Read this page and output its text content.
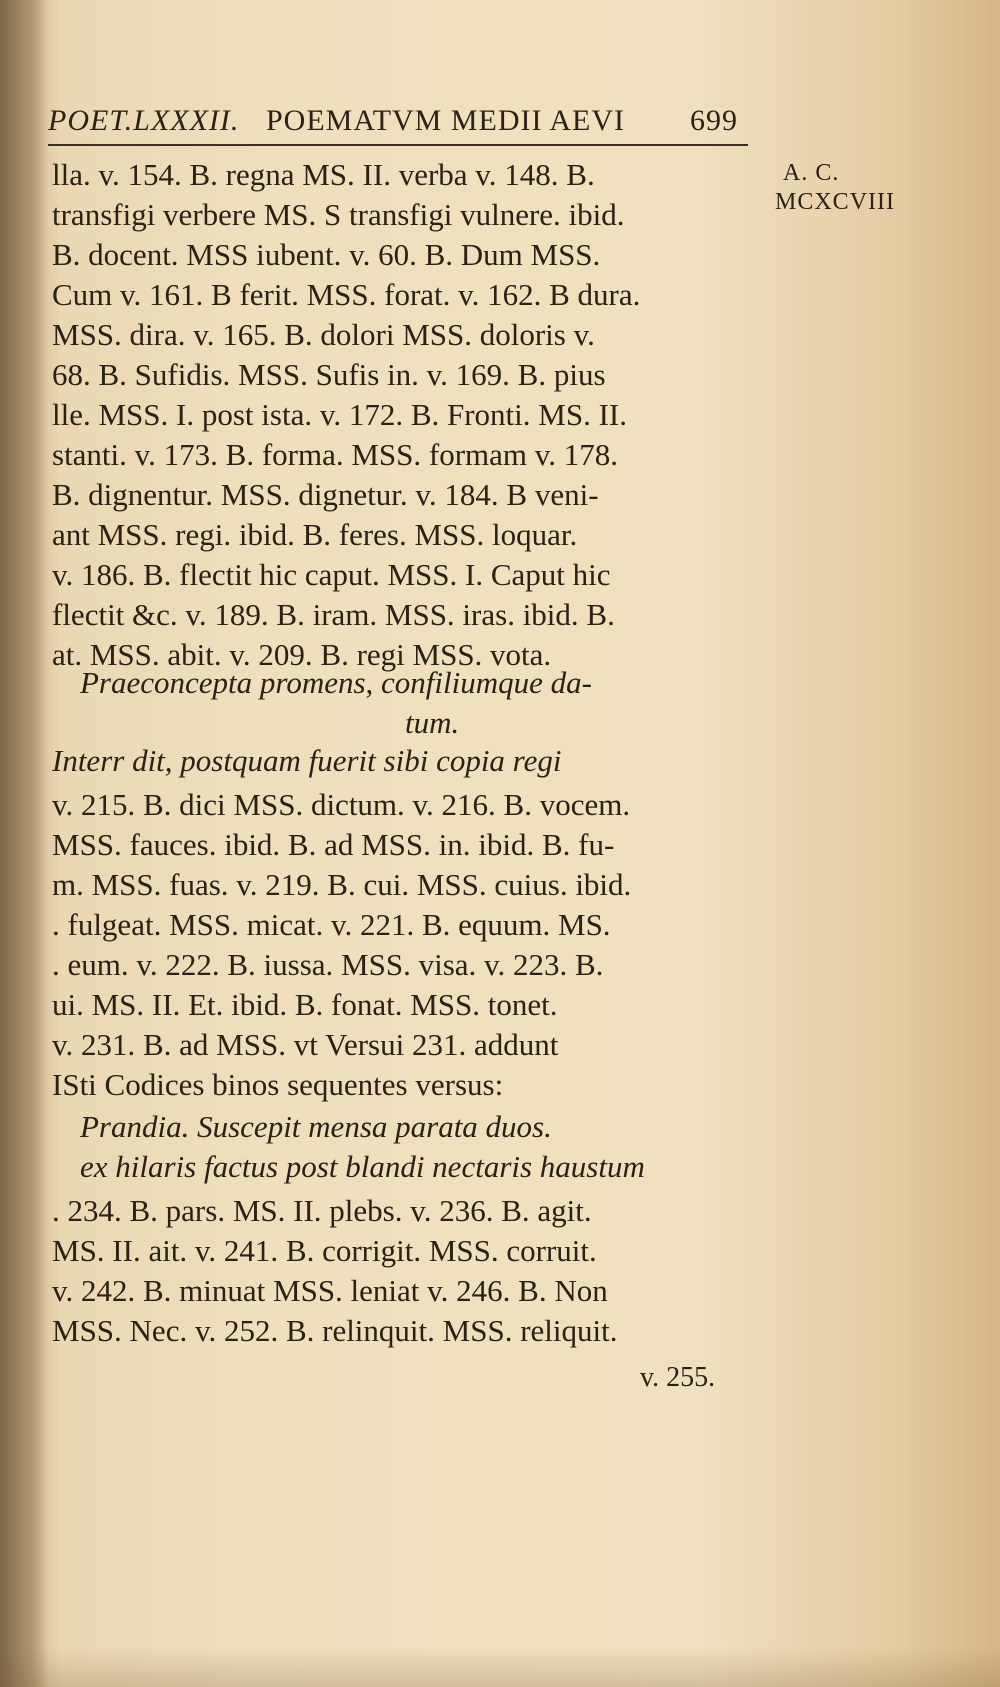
POET.LXXXII. POEMATVM MEDII AEVI 699
A. C.
MCXCVIII
lla. v. 154. B. regna MS. II. verba v. 148. B.
transfigi verbere MS. S transfigi vulnere. ibid.
B. docent. MSS iubent. v. 60. B. Dum MSS.
Cum v. 161. B ferit. MSS. forat. v. 162. B dura.
MSS. dira. v. 165. B. dolori MSS. doloris v.
68. B. Sufidis. MSS. Sufis in. v. 169. B. pius
lle. MSS. I. post ista. v. 172. B. Fronti. MS. II.
stanti. v. 173. B. forma. MSS. formam v. 178.
B. dignentur. MSS. dignetur. v. 184. B veni-
ant MSS. regi. ibid. B. feres. MSS. loquar.
v. 186. B. flectit hic caput. MSS. I. Caput hic
flectit &c. v. 189. B. iram. MSS. iras. ibid. B.
at. MSS. abit. v. 209. B. regi MSS. vota.
Praeconcepta promens, confiliumque da-
tum.
Interr dit, postquam fuerit sibi copia regi
v. 215. B. dici MSS. dictum. v. 216. B. vocem.
MSS. fauces. ibid. B. ad MSS. in. ibid. B. fu-
m. MSS. fuas. v. 219. B. cui. MSS. cuius. ibid.
. fulgeat. MSS. micat. v. 221. B. equum. MS.
. eum. v. 222. B. iussa. MSS. visa. v. 223. B.
ui. MS. II. Et. ibid. B. fonat. MSS. tonet.
v. 231. B. ad MSS. vt Versui 231. addunt
ISti Codices binos sequentes versus:
Prandia. Suscepit mensa parata duos.
ex hilaris factus post blandi nectaris haustum
. 234. B. pars. MS. II. plebs. v. 236. B. agit.
MS. II. ait. v. 241. B. corrigit. MSS. corruit.
v. 242. B. minuat MSS. leniat v. 246. B. Non
MSS. Nec. v. 252. B. relinquit. MSS. reliquit.
v. 255.
